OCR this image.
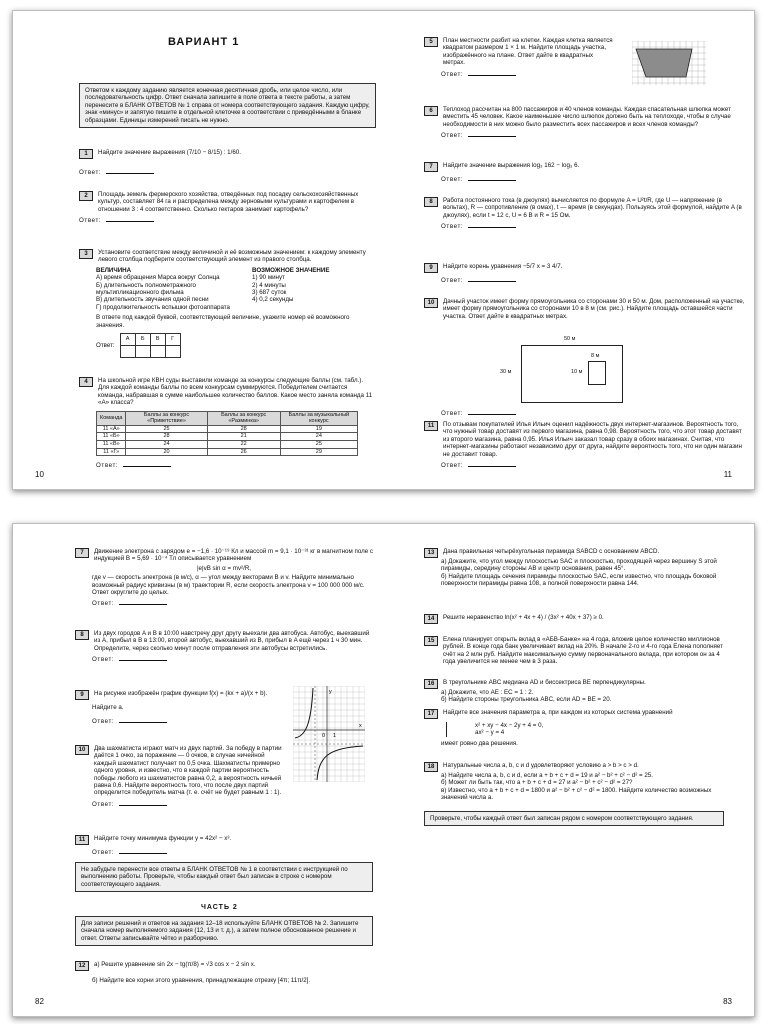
ВАРИАНТ 1
Ответом к каждому заданию является конечная десятичная дробь, или целое число, или последовательность цифр. Ответ сначала запишите в поле ответа в тексте работы, а затем перенесите в БЛАНК ОТВЕТОВ № 1 справа от номера соответствующего задания. Каждую цифру, знак «минус» и запятую пишите в отдельной клеточке в соответствии с приведёнными в бланке образцами. Единицы измерений писать не нужно.
1	Найдите значение выражения (7/10 − 8/15) : 1/60.
Ответ:
2	Площадь земель фермерского хозяйства, отведённых под посадку сельскохозяйственных культур, составляет 84 га и распределена между зерновыми культурами и картофелем в отношении 3 : 4 соответственно. Сколько гектаров занимает картофель?
Ответ:
3	Установите соответствие между величиной и её возможным значением: к каждому элементу левого столбца подберите соответствующий элемент из правого столбца.
ВЕЛИЧИНА
А) время обращения Марса вокруг Солнца
Б) длительность полнометражного мультипликационного фильма
В) длительность звучания одной песни
Г) продолжительность вспышки фотоаппарата
ВОЗМОЖНОЕ ЗНАЧЕНИЕ
1) 90 минут
2) 4 минуты
3) 687 суток
4) 0,2 секунды
В ответе под каждой буквой, соответствующей величине, укажите номер её возможного значения.
Ответ:
А	Б	В	Г

4	На школьной игре КВН суды выставили команде за конкурсы следующие баллы (см. табл.). Для каждой команды баллы по всем конкурсам суммируются. Победителем считается команда, набравшая в сумме наибольшее количество баллов. Какое место заняла команда 11 «А» класса?
Команда	Баллы за конкурс «Приветствие»	Баллы за конкурс «Разминка»	Баллы за музыкальный конкурс
11 «А»	25	28	19
11 «Б»	28	21	24
11 «В»	24	22	25
11 «Г»	20	26	29
Ответ:
10
5	План местности разбит на клетки. Каждая клетка является квадратом размером 1 × 1 м. Найдите площадь участка, изображённого на плане. Ответ дайте в квадратных метрах.
Ответ:
6	Теплоход рассчитан на 800 пассажиров и 40 членов команды. Каждая спасательная шлюпка может вместить 45 человек. Какое наименьшее число шлюпок должно быть на теплоходе, чтобы в случае необходимости в них можно было разместить всех пассажиров и всех членов команды?
Ответ:
7	Найдите значение выражения log₃ 162 − log₃ 6.
Ответ:
8	Работа постоянного тока (в джоулях) вычисляется по формуле A = U²t/R, где U — напряжение (в вольтах), R — сопротивление (в омах), t — время (в секундах). Пользуясь этой формулой, найдите A (в джоулях), если t = 12 c, U = 6 В и R = 15 Ом.
Ответ:
9	Найдите корень уравнения −5/7 x = 3 4/7.
Ответ:
10	Дачный участок имеет форму прямоугольника со сторонами 30 и 50 м. Дом, расположенный на участке, имеет форму прямоугольника со сторонами 10 в 8 м (см. рис.). Найдите площадь оставшейся части участка. Ответ дайте в квадратных метрах.
50 м
30 м
8 м
10 м
Ответ:
11	По отзывам покупателей Илья Ильич оценил надёжность двух интернет-магазинов. Вероятность того, что нужный товар доставят из первого магазина, равна 0,98. Вероятность того, что этот товар доставят из второго магазина, равна 0,95. Илья Ильич заказал товар сразу в обоих магазинах. Считая, что интернет-магазины работают независимо друг от друга, найдите вероятность того, что ни один магазин не доставит товар.
Ответ:
11
7	Движение электрона с зарядом e = −1,6 · 10⁻¹⁹ Кл и массой m = 9,1 · 10⁻³¹ кг в магнитном поле с индукцией B = 5,69 · 10⁻⁴ Тл описывается уравнением
|e|vB sin α = mv²/R,
где v — скорость электрона (в м/с), α — угол между векторами B и v. Найдите минимально возможный радиус кривизны (в м) траектории R, если скорость электрона v = 100 000 000 м/с. Ответ округлите до целых.
Ответ:
8	Из двух городов A и B в 10:00 навстречу друг другу выехали два автобуса. Автобус, выехавший из A, прибыл в B в 13:00, второй автобус, выехавший из B, прибыл в A ещё через 1 ч 30 мин. Определите, через сколько минут после отправления эти автобусы встретились.
Ответ:
9	На рисунке изображён график функции f(x) = (kx + a)/(x + b).
Найдите a.
Ответ:
y
x
0 1
10	Два шахматиста играют матч из двух партий. За победу в партии даётся 1 очко, за поражение — 0 очков, в случае ничейной каждый шахматист получает по 0,5 очка. Шахматисты примерно одного уровня, и известно, что в каждой партии вероятность победы любого из шахматистов равна 0,2, а вероятность ничьей равна 0,6. Найдите вероятность того, что после двух партий определится победитель матча (т. е. счёт не будет равным 1 : 1).
Ответ:
11	Найдите точку минимума функции y = 42x² − x³.
Ответ:
Не забудьте перенести все ответы в БЛАНК ОТВЕТОВ № 1 в соответствии с инструкцией по выполнению работы. Проверьте, чтобы каждый ответ был записан в строке с номером соответствующего задания.
ЧАСТЬ 2
Для записи решений и ответов на задания 12–18 используйте БЛАНК ОТВЕТОВ № 2. Запишите сначала номер выполняемого задания (12, 13 и т. д.), а затем полное обоснованное решение и ответ. Ответы записывайте чётко и разборчиво.
12	а) Решите уравнение sin 2x − tg(π/8) = √3 cos x − 2 sin x.
б) Найдите все корни этого уравнения, принадлежащие отрезку [4π; 11π/2].
82
13	Дана правильная четырёхугольная пирамида SABCD с основанием ABCD.
а) Докажите, что угол между плоскостью SAC и плоскостью, проходящей через вершину S этой пирамиды, середину стороны AB и центр основания, равен 45°.
б) Найдите площадь сечения пирамиды плоскостью SAC, если известно, что площадь боковой поверхности пирамиды равна 108, а полной поверхности равна 144.
14	Решите неравенство ln(x² + 4x + 4) / (3x² + 40x + 37) ≥ 0.
15	Елена планирует открыть вклад в «АБВ-Банке» на 4 года, вложив целое количество миллионов рублей. В конце года банк увеличивает вклад на 20%. В начале 2-го и 4-го года Елена пополняет счёт на 2 млн руб. Найдите максимальную сумму первоначального вклада, при котором он за 4 года увеличится не менее чем в 3 раза.
16	В треугольнике ABC медиана AD и биссектриса BE перпендикулярны.
а) Докажите, что AE : EC = 1 : 2.
б) Найдите стороны треугольника ABC, если AD = BE = 20.
17	Найдите все значения параметра a, при каждом из которых система уравнений
x² + xy − 4x − 2y + 4 = 0,
ax² − y = 4
имеет ровно два решения.
18	Натуральные числа a, b, c и d удовлетворяют условию a > b > c > d.
а) Найдите числа a, b, c и d, если a + b + c + d = 19 и a² − b² + c² − d² = 25.
б) Может ли быть так, что a + b + c + d = 27 и a² − b² + c² − d² = 27?
в) Известно, что a + b + c + d = 1800 и a² − b² + c² − d² = 1800. Найдите количество возможных значений числа a.
Проверьте, чтобы каждый ответ был записан рядом с номером соответствующего задания.
83
